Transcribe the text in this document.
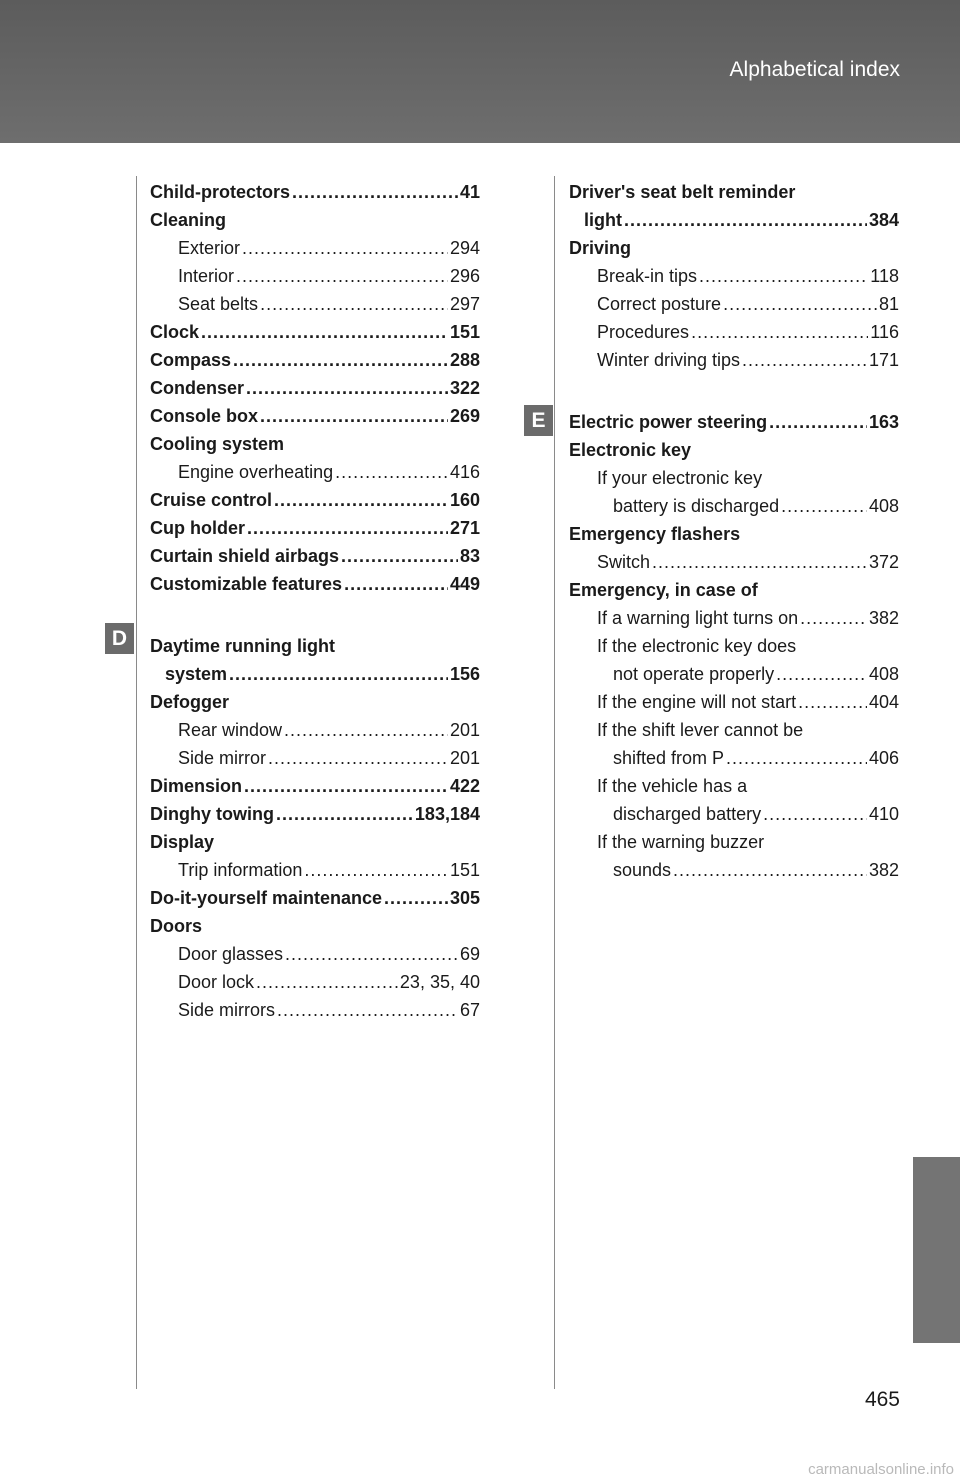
Alphabetical index
D
E
Child-protectors .....	41
Cleaning
Exterior .....	294
Interior .....	296
Seat belts .....	297
Clock .....	151
Compass .....	288
Condenser .....	322
Console box .....	269
Cooling system
Engine overheating .....	416
Cruise control .....	160
Cup holder .....	271
Curtain shield airbags .....	83
Customizable features .....	449
Daytime running light
system .....	156
Defogger
Rear window .....	201
Side mirror .....	201
Dimension .....	422
Dinghy towing .....	183,184
Display
Trip information .....	151
Do-it-yourself maintenance .....	305
Doors
Door glasses .....	69
Door lock .....	23, 35, 40
Side mirrors .....	67
Driver's seat belt reminder
light .....	384
Driving
Break-in tips .....	118
Correct posture .....	81
Procedures .....	116
Winter driving tips .....	171
Electric power steering .....	163
Electronic key
If your electronic key
battery is discharged .....	408
Emergency flashers
Switch .....	372
Emergency, in case of
If a warning light turns on .....	382
If the electronic key does
not operate properly .....	408
If the engine will not start .....	404
If the shift lever cannot be
shifted from P .....	406
If the vehicle has a
discharged battery .....	410
If the warning buzzer
sounds .....	382
465
carmanualsonline.info
